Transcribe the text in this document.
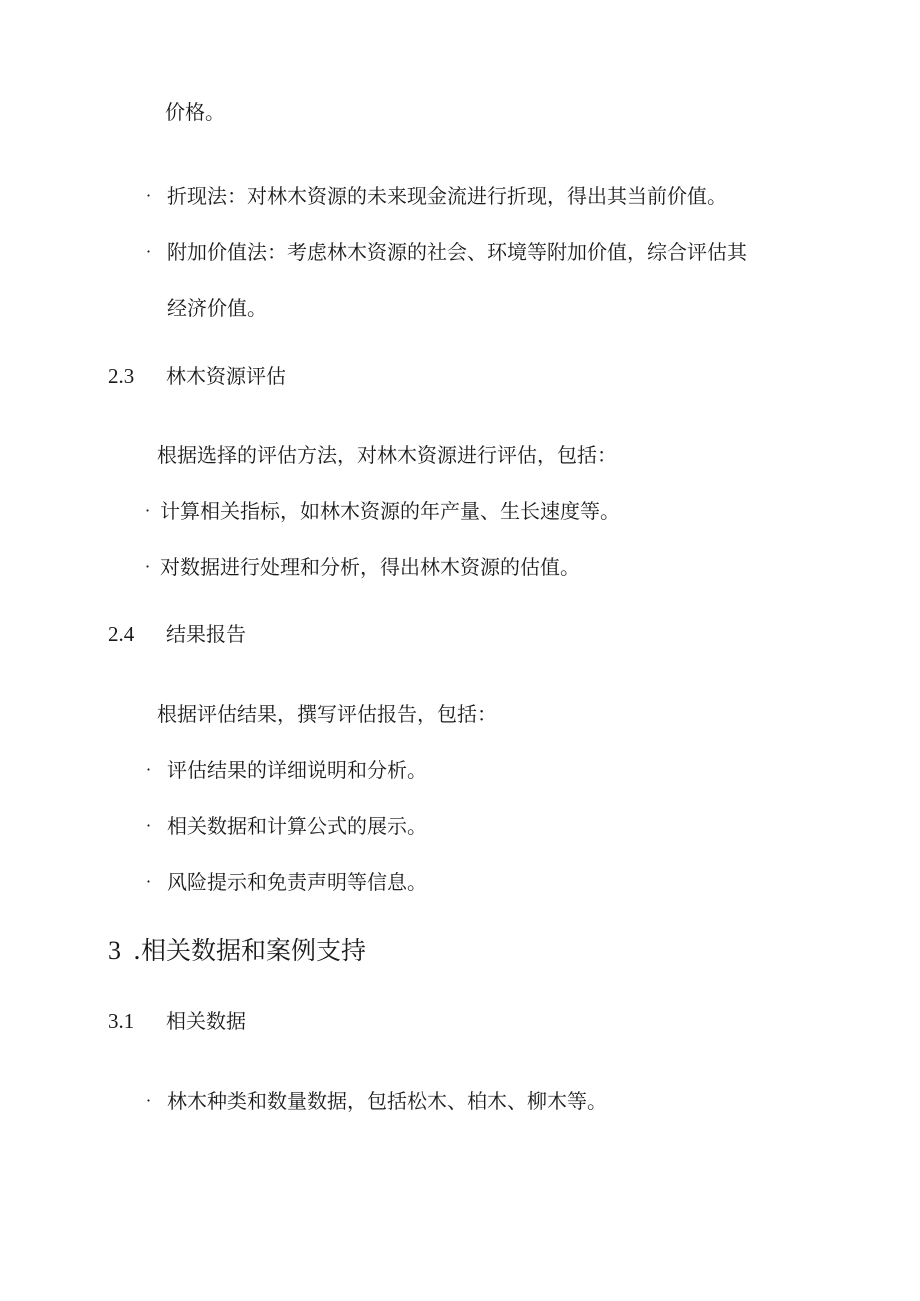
价格。

· 折现法：对林木资源的未来现金流进行折现，得出其当前价值。

· 附加价值法：考虑林木资源的社会、环境等附加价值，综合评估其

经济价值。

2.3 林木资源评估

根据选择的评估方法，对林木资源进行评估，包括：

· 计算相关指标，如林木资源的年产量、生长速度等。

· 对数据进行处理和分析，得出林木资源的估值。

2.4 结果报告

根据评估结果，撰写评估报告，包括：

· 评估结果的详细说明和分析。

· 相关数据和计算公式的展示。

· 风险提示和免责声明等信息。

3 .相关数据和案例支持
3.1 相关数据
· 林木种类和数量数据，包括松木、柏木、柳木等。
